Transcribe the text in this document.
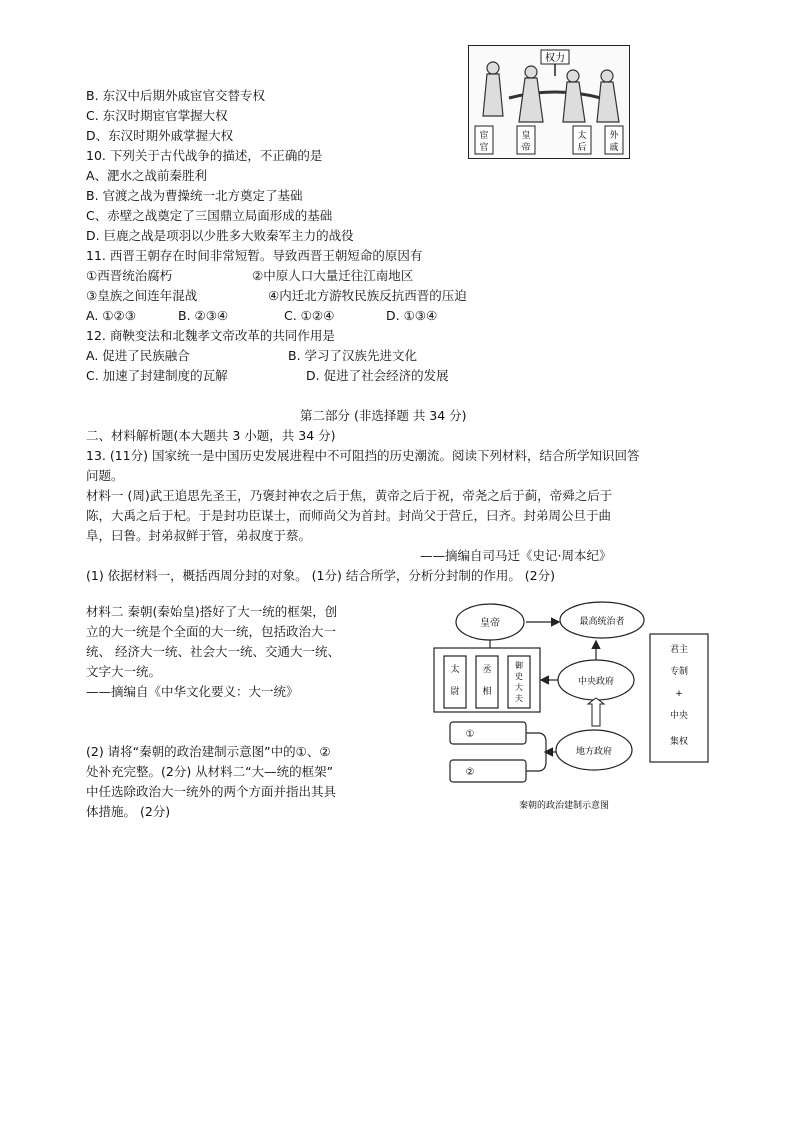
B. 东汉中后期外戚宦官交替专权
C. 东汉时期宦官掌握大权
D、东汉时期外戚掌握大权
权力
宦
官
皇
帝
太
后
外
戚
10. 下列关于古代战争的描述，不正确的是
A、淝水之战前秦胜利
B. 官渡之战为曹操统一北方奠定了基础
C、赤壁之战奠定了三国鼎立局面形成的基础
D. 巨鹿之战是项羽以少胜多大败秦军主力的战役
11. 西晋王朝存在时间非常短暂。导致西晋王朝短命的原因有
①西晋统治腐朽	②中原人口大量迁往江南地区
③皇族之间连年混战	④内迁北方游牧民族反抗西晋的压迫
A. ①②③	B. ②③④	C. ①②④	D. ①③④
12. 商鞅变法和北魏孝文帝改革的共同作用是
A. 促进了民族融合	B. 学习了汉族先进文化
C. 加速了封建制度的瓦解	D. 促进了社会经济的发展
第二部分 (非选择题 共 34 分)
二、材料解析题(本大题共 3 小题，共 34 分)
13. (11分) 国家统一是中国历史发展进程中不可阻挡的历史潮流。阅读下列材料，结合所学知识回答
问题。
材料一 (周)武王追思先圣王，乃褒封神农之后于焦，黄帝之后于祝，帝尧之后于蓟，帝舜之后于
陈，大禹之后于杞。于是封功臣谋士，而师尚父为首封。封尚父于营丘，曰齐。封弟周公旦于曲
阜，曰鲁。封弟叔鲜于管，弟叔度于蔡。
——摘编自司马迁《史记·周本纪》
(1) 依据材料一，概括西周分封的对象。 (1分) 结合所学，分析分封制的作用。 (2分)
材料二 秦朝(秦始皇)搭好了大一统的框架，创
立的大一统是个全面的大一统，包括政治大一
统、 经济大一统、社会大一统、交通大一统、
文字大一统。
——摘编自《中华文化要义：大一统》
(2) 请将“秦朝的政治建制示意图”中的①、②
处补充完整。(2分) 从材料二“大—统的框架”
中任选除政治大一统外的两个方面并指出其具
体措施。 (2分)
皇帝	最高统治者
君主
专制
+
中央
集权
太
尉
丞
相
御
史
大
夫
中央政府
地方政府
①
②
秦朝的政治建制示意图
